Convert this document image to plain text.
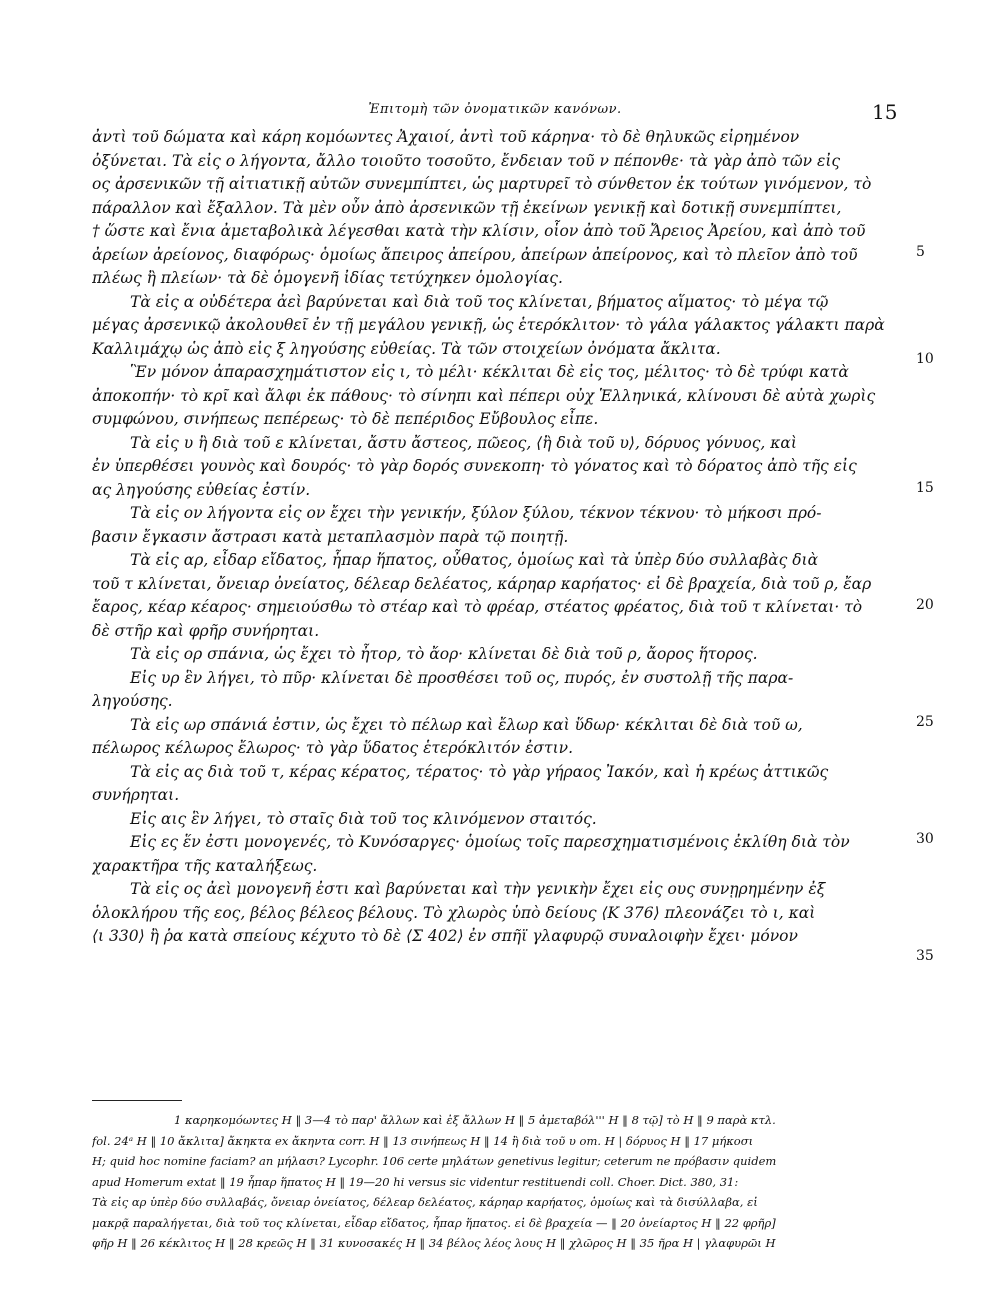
Ἐπιτομὴ τῶν ὀνοματικῶν κανόνων.	15
ἀντὶ τοῦ δώματα καὶ κάρη κομόωντες Ἀχαιοί, ἀντὶ τοῦ κάρηνα· τὸ δὲ θηλυκῶς εἰρημένον
ὀξύνεται. Τὰ εἰς ο λήγοντα, ἄλλο τοιοῦτο τοσοῦτο, ἔνδειαν τοῦ ν πέπονθε· τὰ γὰρ ἀπὸ τῶν εἰς
ος ἀρσενικῶν τῇ αἰτιατικῇ αὐτῶν συνεμπίπτει, ὡς μαρτυρεῖ τὸ σύνθετον ἐκ τούτων γινόμενον, τὸ
πάραλλον καὶ ἔξαλλον. Τὰ μὲν οὖν ἀπὸ ἀρσενικῶν τῇ ἐκείνων γενικῇ καὶ δοτικῇ συνεμπίπτει,
† ὥστε καὶ ἔνια ἀμεταβολικὰ λέγεσθαι κατὰ τὴν κλίσιν, οἷον ἀπὸ τοῦ Ἄρειος Ἀρείου, καὶ ἀπὸ τοῦ
ἀρείων ἀρείονος, διαφόρως· ὁμοίως ἄπειρος ἀπείρου, ἀπείρων ἀπείρονος, καὶ τὸ πλεῖον ἀπὸ τοῦ
πλέως ἢ πλείων· τὰ δὲ ὁμογενῆ ἰδίας τετύχηκεν ὁμολογίας.
Τὰ εἰς α οὐδέτερα ἀεὶ βαρύνεται καὶ διὰ τοῦ τος κλίνεται, βήματος αἵματος· τὸ μέγα τῷ
μέγας ἀρσενικῷ ἀκολουθεῖ ἐν τῇ μεγάλου γενικῇ, ὡς ἑτερόκλιτον· τὸ γάλα γάλακτος γάλακτι παρὰ
Καλλιμάχῳ ὡς ἀπὸ εἰς ξ ληγούσης εὐθείας. Τὰ τῶν στοιχείων ὀνόματα ἄκλιτα.
Ἓν μόνον ἀπαρασχημάτιστον εἰς ι, τὸ μέλι· κέκλιται δὲ εἰς τος, μέλιτος· τὸ δὲ τρύφι κατὰ
ἀποκοπήν· τὸ κρῖ καὶ ἄλφι ἐκ πάθους· τὸ σίνηπι καὶ πέπερι οὐχ Ἑλληνικά, κλίνουσι δὲ αὐτὰ χωρὶς
συμφώνου, σινήπεως πεπέρεως· τὸ δὲ πεπέριδος Εὔβουλος εἶπε.
Τὰ εἰς υ ἢ διὰ τοῦ ε κλίνεται, ἄστυ ἄστεος, πῶεος, ⟨ἢ διὰ τοῦ υ⟩, δόρυος γόνυος, καὶ
ἐν ὑπερθέσει γουνὸς καὶ δουρός· τὸ γὰρ δορός συνεκοπη· τὸ γόνατος καὶ τὸ δόρατος ἀπὸ τῆς εἰς
ας ληγούσης εὐθείας ἐστίν.
Τὰ εἰς ον λήγοντα εἰς ον ἔχει τὴν γενικήν, ξύλον ξύλου, τέκνον τέκνου· τὸ μήκοσι πρό-
βασιν ἔγκασιν ἄστρασι κατὰ μεταπλασμὸν παρὰ τῷ ποιητῇ.
Τὰ εἰς αρ, εἶδαρ εἴδατος, ἧπαρ ἥπατος, οὖθατος, ὁμοίως καὶ τὰ ὑπὲρ δύο συλλαβὰς διὰ
τοῦ τ κλίνεται, ὄνειαρ ὀνείατος, δέλεαρ δελέατος, κάρηαρ καρήατος· εἰ δὲ βραχεία, διὰ τοῦ ρ, ἔαρ
ἔαρος, κέαρ κέαρος· σημειούσθω τὸ στέαρ καὶ τὸ φρέαρ, στέατος φρέατος, διὰ τοῦ τ κλίνεται· τὸ
δὲ στῆρ καὶ φρῆρ συνήρηται.
Τὰ εἰς ορ σπάνια, ὡς ἔχει τὸ ἦτορ, τὸ ἄορ· κλίνεται δὲ διὰ τοῦ ρ, ἄορος ἥτορος.
Εἰς υρ ἓν λήγει, τὸ πῦρ· κλίνεται δὲ προσθέσει τοῦ ος, πυρός, ἐν συστολῇ τῆς παρα-
ληγούσης.
Τὰ εἰς ωρ σπάνιά ἐστιν, ὡς ἔχει τὸ πέλωρ καὶ ἔλωρ καὶ ὕδωρ· κέκλιται δὲ διὰ τοῦ ω,
πέλωρος κέλωρος ἔλωρος· τὸ γὰρ ὕδατος ἑτερόκλιτόν ἐστιν.
Τὰ εἰς ας διὰ τοῦ τ, κέρας κέρατος, τέρατος· τὸ γὰρ γήραος Ἰακόν, καὶ ἡ κρέως ἀττικῶς
συνήρηται.
Εἰς αις ἓν λήγει, τὸ σταῖς διὰ τοῦ τος κλινόμενον σταιτός.
Εἰς ες ἕν ἐστι μονογενές, τὸ Κυνόσαργες· ὁμοίως τοῖς παρεσχηματισμένοις ἐκλίθη διὰ τὸν
χαρακτῆρα τῆς καταλήξεως.
Τὰ εἰς ος ἀεὶ μονογενῆ ἐστι καὶ βαρύνεται καὶ τὴν γενικὴν ἔχει εἰς ους συνῃρημένην ἐξ
ὁλοκλήρου τῆς εος, βέλος βέλεος βέλους. Τὸ χλωρὸς ὑπὸ δείους ⟨Κ 376⟩ πλεονάζει τὸ ι, καὶ
⟨ι 330⟩ ἢ ῥα κατὰ σπείους κέχυτο τὸ δὲ ⟨Σ 402⟩ ἐν σπῆϊ γλαφυρῷ συναλοιφὴν ἔχει· μόνον
5
10
15
20
25
30
35
1 καρηκομόωντες H ‖ 3—4 τὸ παρ' ἄλλων καὶ ἐξ ἄλλων H ‖ 5 ἀμεταβόλ''' H ‖ 8 τῷ] τὸ H ‖ 9 παρὰ κτλ.
fol. 24ᵃ H ‖ 10 ἄκλιτα] ἄκηκτα ex ἄκηντα corr. H ‖ 13 σινήπεως H ‖ 14 ἢ διὰ τοῦ υ om. H | δόρυος H ‖ 17 μήκοσι
H; quid hoc nomine faciam? an μήλασι? Lycophr. 106 certe μηλάτων genetivus legitur; ceterum ne πρόβασιν quidem
apud Homerum extat ‖ 19 ἧπαρ ἥπατος H ‖ 19—20 hi versus sic videntur restituendi coll. Choer. Dict. 380, 31:
Τὰ εἰς αρ ὑπὲρ δύο συλλαβάς, ὄνειαρ ὀνείατος, δέλεαρ δελέατος, κάρηαρ καρήατος, ὁμοίως καὶ τὰ δισύλλαβα, εἰ
μακρᾷ παραλήγεται, διὰ τοῦ τος κλίνεται, εἶδαρ εἴδατος, ἧπαρ ἥπατος. εἰ δὲ βραχεία — ‖ 20 ὀνείαρτος H ‖ 22 φρῆρ]
φῆρ H ‖ 26 κέκλιτος H ‖ 28 κρεῶς H ‖ 31 κυνοσακές H ‖ 34 βέλος λέος λους H ‖ χλῶρος H ‖ 35 ῆρα H | γλαφυρῶι H
